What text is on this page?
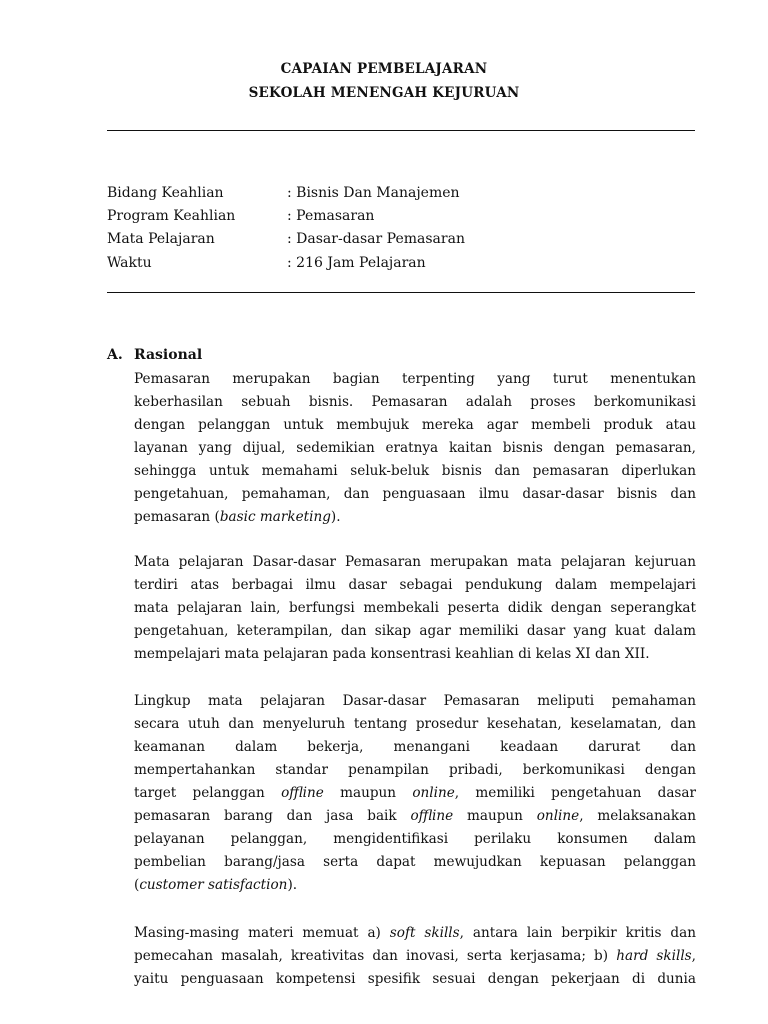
CAPAIAN PEMBELAJARAN
SEKOLAH MENENGAH KEJURUAN
Bidang Keahlian	: Bisnis Dan Manajemen
Program Keahlian	: Pemasaran
Mata Pelajaran	: Dasar-dasar Pemasaran
Waktu	: 216 Jam Pelajaran
A. Rasional
Pemasaran merupakan bagian terpenting yang turut menentukan
keberhasilan sebuah bisnis. Pemasaran adalah proses berkomunikasi
dengan pelanggan untuk membujuk mereka agar membeli produk atau
layanan yang dijual, sedemikian eratnya kaitan bisnis dengan pemasaran,
sehingga untuk memahami seluk-beluk bisnis dan pemasaran diperlukan
pengetahuan, pemahaman, dan penguasaan ilmu dasar-dasar bisnis dan
pemasaran (basic marketing).
Mata pelajaran Dasar-dasar Pemasaran merupakan mata pelajaran kejuruan
terdiri atas berbagai ilmu dasar sebagai pendukung dalam mempelajari
mata pelajaran lain, berfungsi membekali peserta didik dengan seperangkat
pengetahuan, keterampilan, dan sikap agar memiliki dasar yang kuat dalam
mempelajari mata pelajaran pada konsentrasi keahlian di kelas XI dan XII.
Lingkup mata pelajaran Dasar-dasar Pemasaran meliputi pemahaman
secara utuh dan menyeluruh tentang prosedur kesehatan, keselamatan, dan
keamanan dalam bekerja, menangani keadaan darurat dan
mempertahankan standar penampilan pribadi, berkomunikasi dengan
target pelanggan offline maupun online, memiliki pengetahuan dasar
pemasaran barang dan jasa baik offline maupun online, melaksanakan
pelayanan pelanggan, mengidentifikasi perilaku konsumen dalam
pembelian barang/jasa serta dapat mewujudkan kepuasan pelanggan
(customer satisfaction).
Masing-masing materi memuat a) soft skills, antara lain berpikir kritis dan
pemecahan masalah, kreativitas dan inovasi, serta kerjasama; b) hard skills,
yaitu penguasaan kompetensi spesifik sesuai dengan pekerjaan di dunia
